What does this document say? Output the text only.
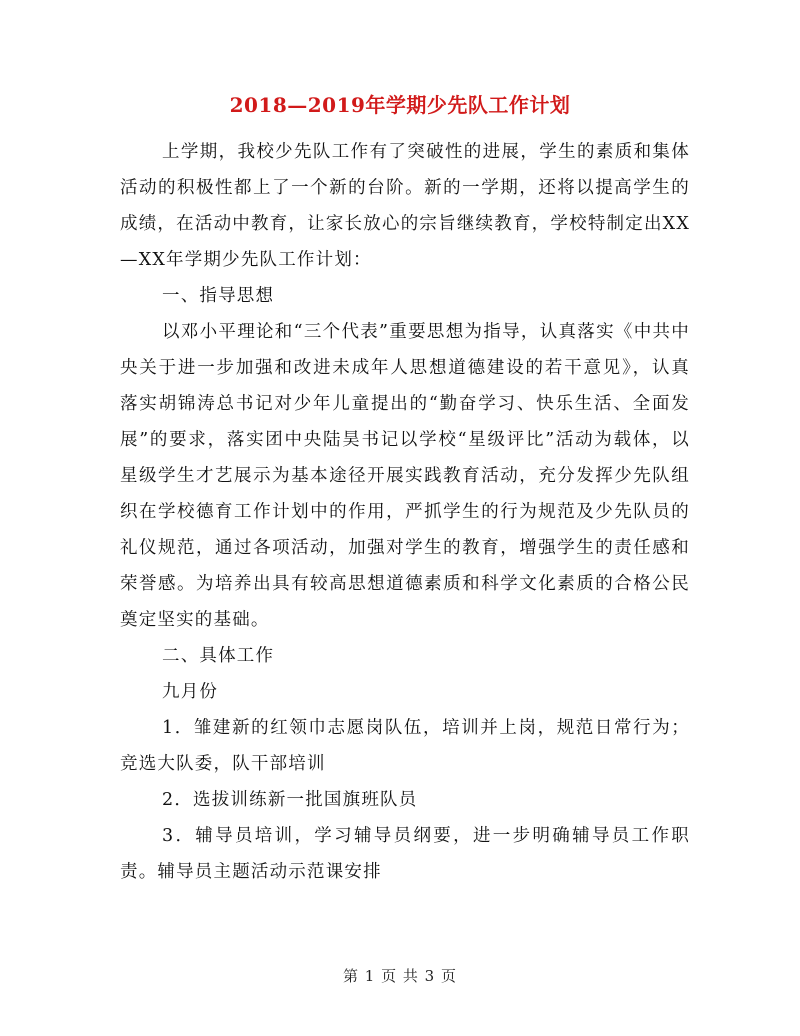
2018—2019年学期少先队工作计划

上学期，我校少先队工作有了突破性的进展，学生的素质和集体活动的积极性都上了一个新的台阶。新的一学期，还将以提高学生的成绩，在活动中教育，让家长放心的宗旨继续教育，学校特制定出XX—XX年学期少先队工作计划：

一、指导思想

以邓小平理论和“三个代表”重要思想为指导，认真落实《中共中央关于进一步加强和改进未成年人思想道德建设的若干意见》，认真落实胡锦涛总书记对少年儿童提出的“勤奋学习、快乐生活、全面发展”的要求，落实团中央陆昊书记以学校“星级评比”活动为载体，以星级学生才艺展示为基本途径开展实践教育活动，充分发挥少先队组织在学校德育工作计划中的作用，严抓学生的行为规范及少先队员的礼仪规范，通过各项活动，加强对学生的教育，增强学生的责任感和荣誉感。为培养出具有较高思想道德素质和科学文化素质的合格公民奠定坚实的基础。

二、具体工作

九月份

1．雏建新的红领巾志愿岗队伍，培训并上岗，规范日常行为；竞选大队委，队干部培训

2．选拔训练新一批国旗班队员

3．辅导员培训，学习辅导员纲要，进一步明确辅导员工作职责。辅导员主题活动示范课安排

第 1 页 共 3 页
